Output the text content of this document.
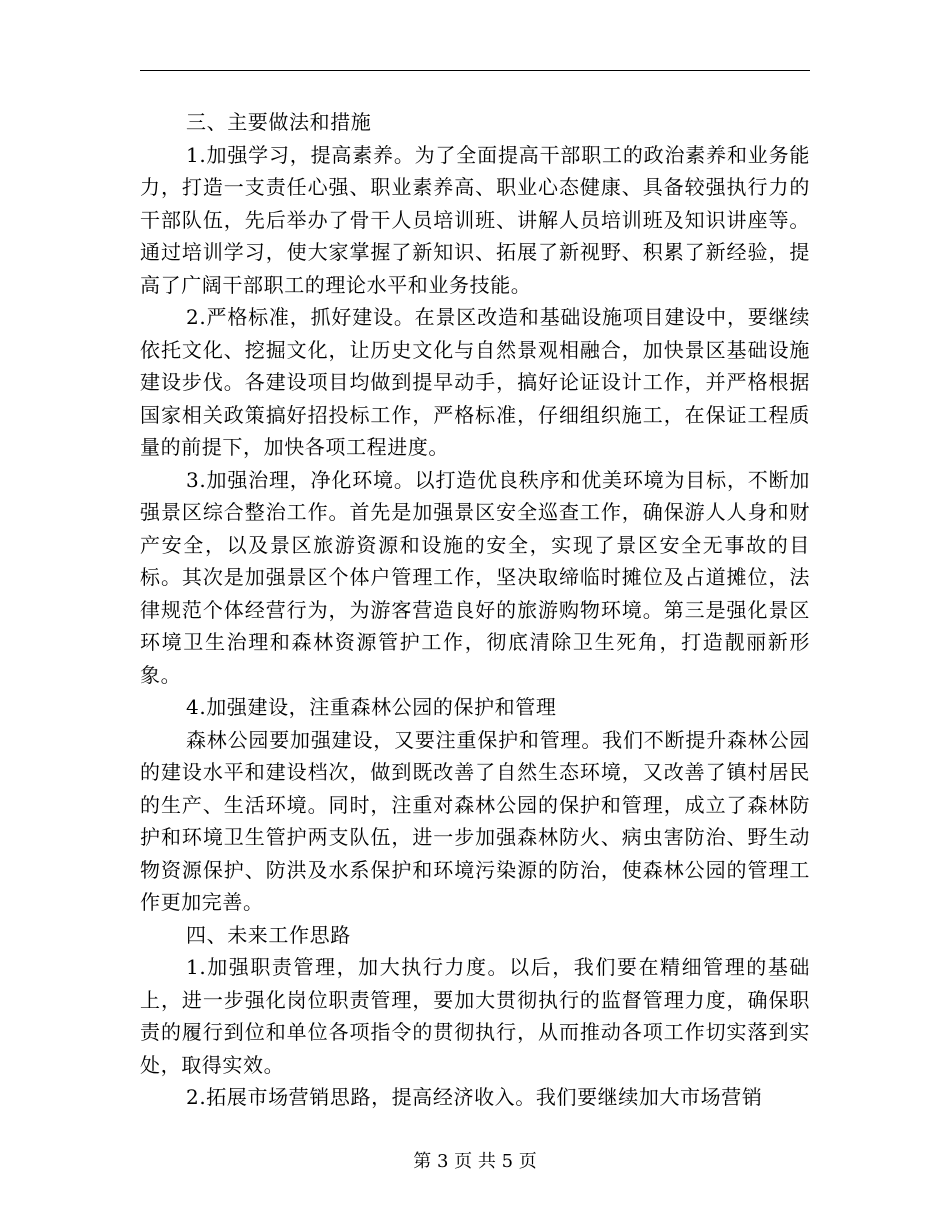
三、主要做法和措施

1.加强学习，提高素养。为了全面提高干部职工的政治素养和业务能力，打造一支责任心强、职业素养高、职业心态健康、具备较强执行力的干部队伍，先后举办了骨干人员培训班、讲解人员培训班及知识讲座等。通过培训学习，使大家掌握了新知识、拓展了新视野、积累了新经验，提高了广阔干部职工的理论水平和业务技能。

2.严格标准，抓好建设。在景区改造和基础设施项目建设中，要继续依托文化、挖掘文化，让历史文化与自然景观相融合，加快景区基础设施建设步伐。各建设项目均做到提早动手，搞好论证设计工作，并严格根据国家相关政策搞好招投标工作，严格标准，仔细组织施工，在保证工程质量的前提下，加快各项工程进度。

3.加强治理，净化环境。以打造优良秩序和优美环境为目标，不断加强景区综合整治工作。首先是加强景区安全巡查工作，确保游人人身和财产安全，以及景区旅游资源和设施的安全，实现了景区安全无事故的目标。其次是加强景区个体户管理工作，坚决取缔临时摊位及占道摊位，法律规范个体经营行为，为游客营造良好的旅游购物环境。第三是强化景区环境卫生治理和森林资源管护工作，彻底清除卫生死角，打造靓丽新形象。

4.加强建设，注重森林公园的保护和管理

森林公园要加强建设，又要注重保护和管理。我们不断提升森林公园的建设水平和建设档次，做到既改善了自然生态环境，又改善了镇村居民的生产、生活环境。同时，注重对森林公园的保护和管理，成立了森林防护和环境卫生管护两支队伍，进一步加强森林防火、病虫害防治、野生动物资源保护、防洪及水系保护和环境污染源的防治，使森林公园的管理工作更加完善。

四、未来工作思路

1.加强职责管理，加大执行力度。以后，我们要在精细管理的基础上，进一步强化岗位职责管理，要加大贯彻执行的监督管理力度，确保职责的履行到位和单位各项指令的贯彻执行，从而推动各项工作切实落到实处，取得实效。

2.拓展市场营销思路，提高经济收入。我们要继续加大市场营销

第 3 页 共 5 页
